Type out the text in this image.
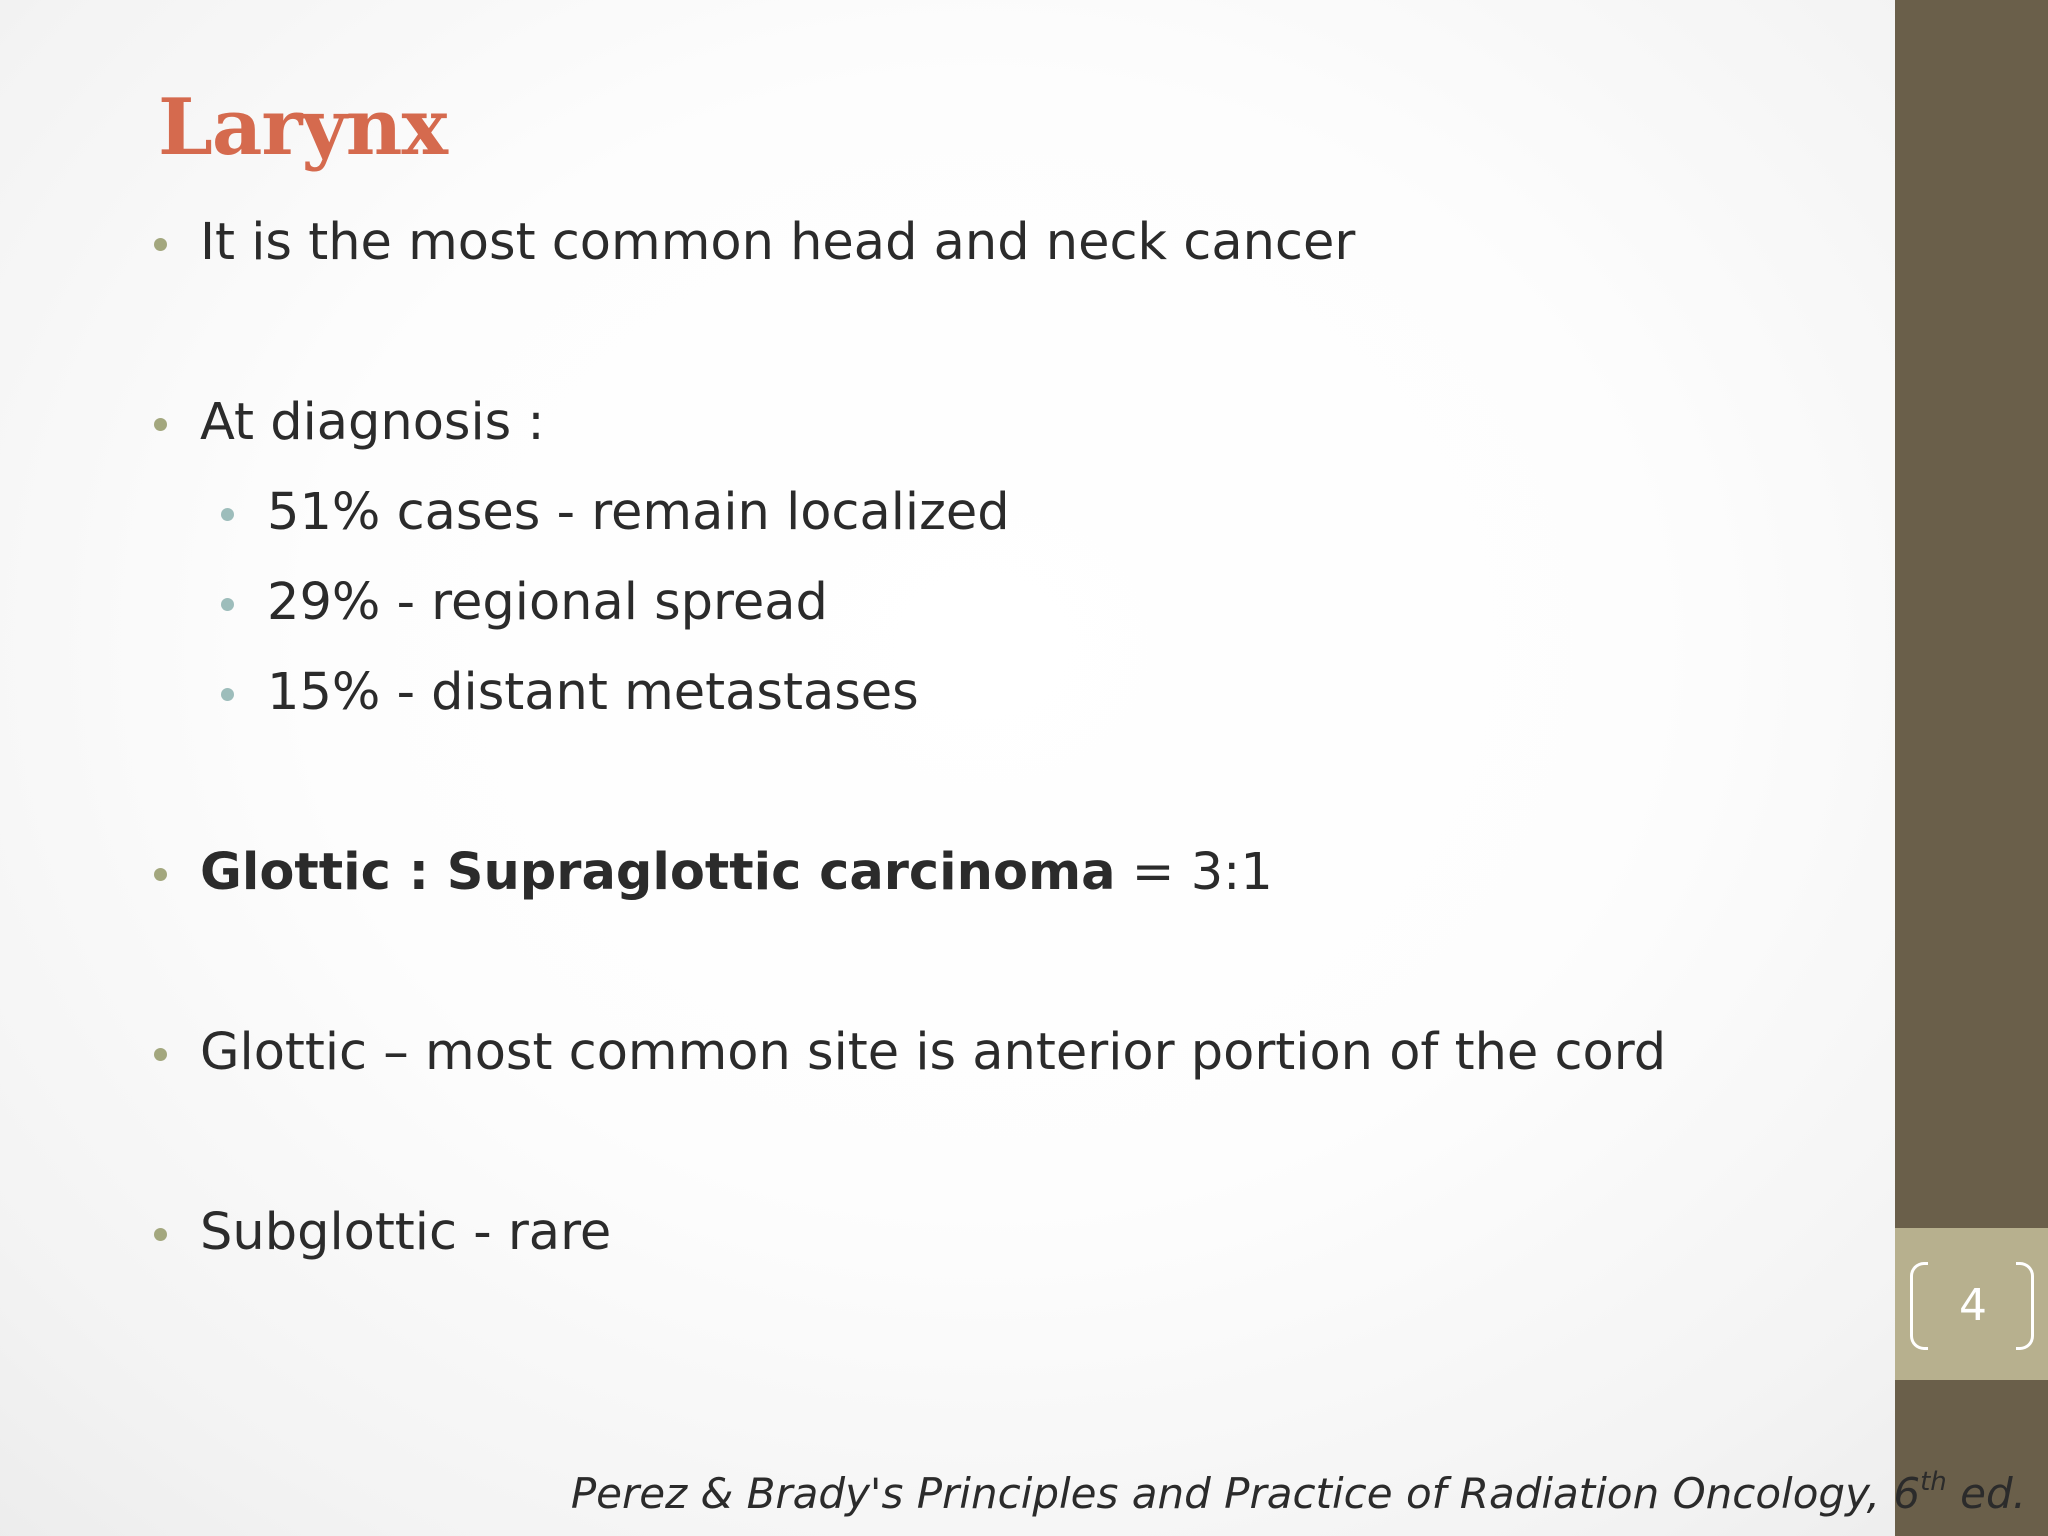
4
Larynx
It is the most common head and neck cancer
At diagnosis :
51% cases - remain localized
29% - regional spread
15% - distant metastases
Glottic : Supraglottic carcinoma = 3:1
Glottic – most common site is anterior portion of the cord
Subglottic - rare
Perez & Brady's Principles and Practice of Radiation Oncology, 6th ed.
